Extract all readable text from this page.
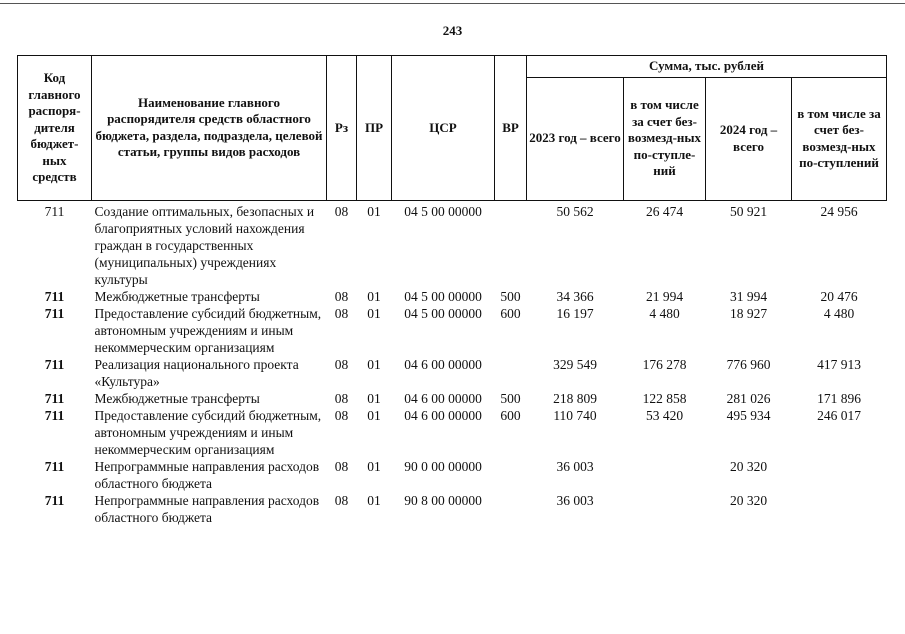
243
Код главного распоря-дителя бюджет-ных средств	Наименование главного распорядителя средств областного бюджета, раздела, подраздела, целевой статьи, группы видов расходов	Рз	ПР	ЦСР	ВР	Сумма, тыс. рублей			
						2023 год – всего	в том числе за счет без-возмезд-ных по-ступле-ний	2024 год – всего	в том числе за счет без-возмезд-ных по-ступлений
711	Создание оптимальных, безопасных и благоприятных условий нахождения граждан в государственных (муниципальных) учреждениях культуры	08	01	04 5 00 00000		50 562	26 474	50 921	24 956
711	Межбюджетные трансферты	08	01	04 5 00 00000	500	34 366	21 994	31 994	20 476
711	Предоставление субсидий бюджетным, автономным учреждениям и иным некоммерческим организациям	08	01	04 5 00 00000	600	16 197	4 480	18 927	4 480
711	Реализация национального проекта «Культура»	08	01	04 6 00 00000		329 549	176 278	776 960	417 913
711	Межбюджетные трансферты	08	01	04 6 00 00000	500	218 809	122 858	281 026	171 896
711	Предоставление субсидий бюджетным, автономным учреждениям и иным некоммерческим организациям	08	01	04 6 00 00000	600	110 740	53 420	495 934	246 017
711	Непрограммные направления расходов областного бюджета	08	01	90 0 00 00000		36 003		20 320	
711	Непрограммные направления расходов областного бюджета	08	01	90 8 00 00000		36 003		20 320	
